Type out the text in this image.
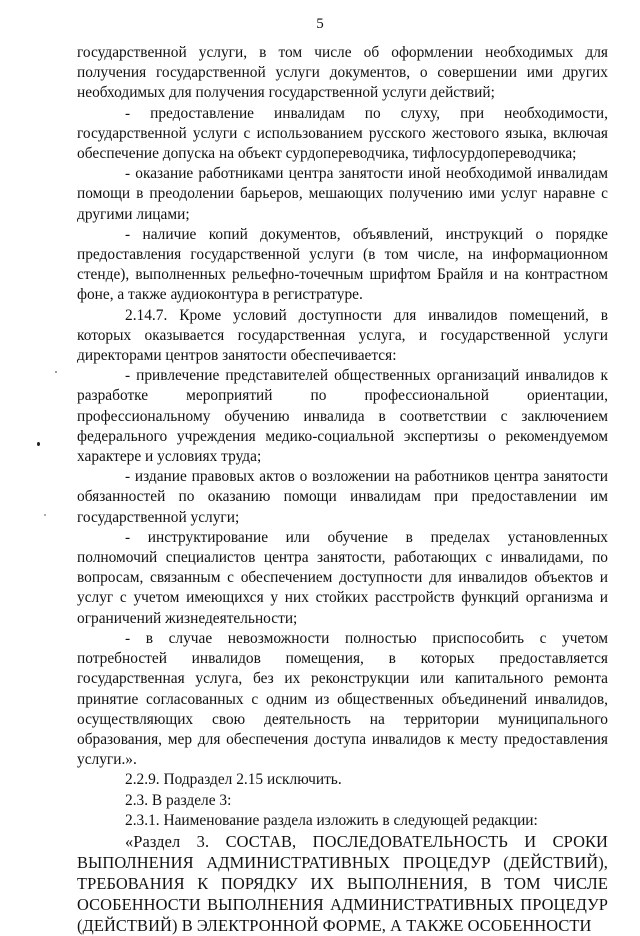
5

государственной услуги, в том числе об оформлении необходимых для получения государственной услуги документов, о совершении ими других необходимых для получения государственной услуги действий;

- предоставление инвалидам по слуху, при необходимости, государственной услуги с использованием русского жестового языка, включая обеспечение допуска на объект сурдопереводчика, тифлосурдопереводчика;

- оказание работниками центра занятости иной необходимой инвалидам помощи в преодолении барьеров, мешающих получению ими услуг наравне с другими лицами;

- наличие копий документов, объявлений, инструкций о порядке предоставления государственной услуги (в том числе, на информационном стенде), выполненных рельефно-точечным шрифтом Брайля и на контрастном фоне, а также аудиоконтура в регистратуре.

2.14.7. Кроме условий доступности для инвалидов помещений, в которых оказывается государственная услуга, и государственной услуги директорами центров занятости обеспечивается:

- привлечение представителей общественных организаций инвалидов к разработке мероприятий по профессиональной ориентации, профессиональному обучению инвалида в соответствии с заключением федерального учреждения медико-социальной экспертизы о рекомендуемом характере и условиях труда;

- издание правовых актов о возложении на работников центра занятости обязанностей по оказанию помощи инвалидам при предоставлении им государственной услуги;

- инструктирование или обучение в пределах установленных полномочий специалистов центра занятости, работающих с инвалидами, по вопросам, связанным с обеспечением доступности для инвалидов объектов и услуг с учетом имеющихся у них стойких расстройств функций организма и ограничений жизнедеятельности;

- в случае невозможности полностью приспособить с учетом потребностей инвалидов помещения, в которых предоставляется государственная услуга, без их реконструкции или капитального ремонта принятие согласованных с одним из общественных объединений инвалидов, осуществляющих свою деятельность на территории муниципального образования, мер для обеспечения доступа инвалидов к месту предоставления услуги.».

2.2.9. Подраздел 2.15 исключить.

2.3. В разделе 3:

2.3.1. Наименование раздела изложить в следующей редакции:

«Раздел 3. СОСТАВ, ПОСЛЕДОВАТЕЛЬНОСТЬ И СРОКИ ВЫПОЛНЕНИЯ АДМИНИСТРАТИВНЫХ ПРОЦЕДУР (ДЕЙСТВИЙ), ТРЕБОВАНИЯ К ПОРЯДКУ ИХ ВЫПОЛНЕНИЯ, В ТОМ ЧИСЛЕ ОСОБЕННОСТИ ВЫПОЛНЕНИЯ АДМИНИСТРАТИВНЫХ ПРОЦЕДУР (ДЕЙСТВИЙ) В ЭЛЕКТРОННОЙ ФОРМЕ, А ТАКЖЕ ОСОБЕННОСТИ
